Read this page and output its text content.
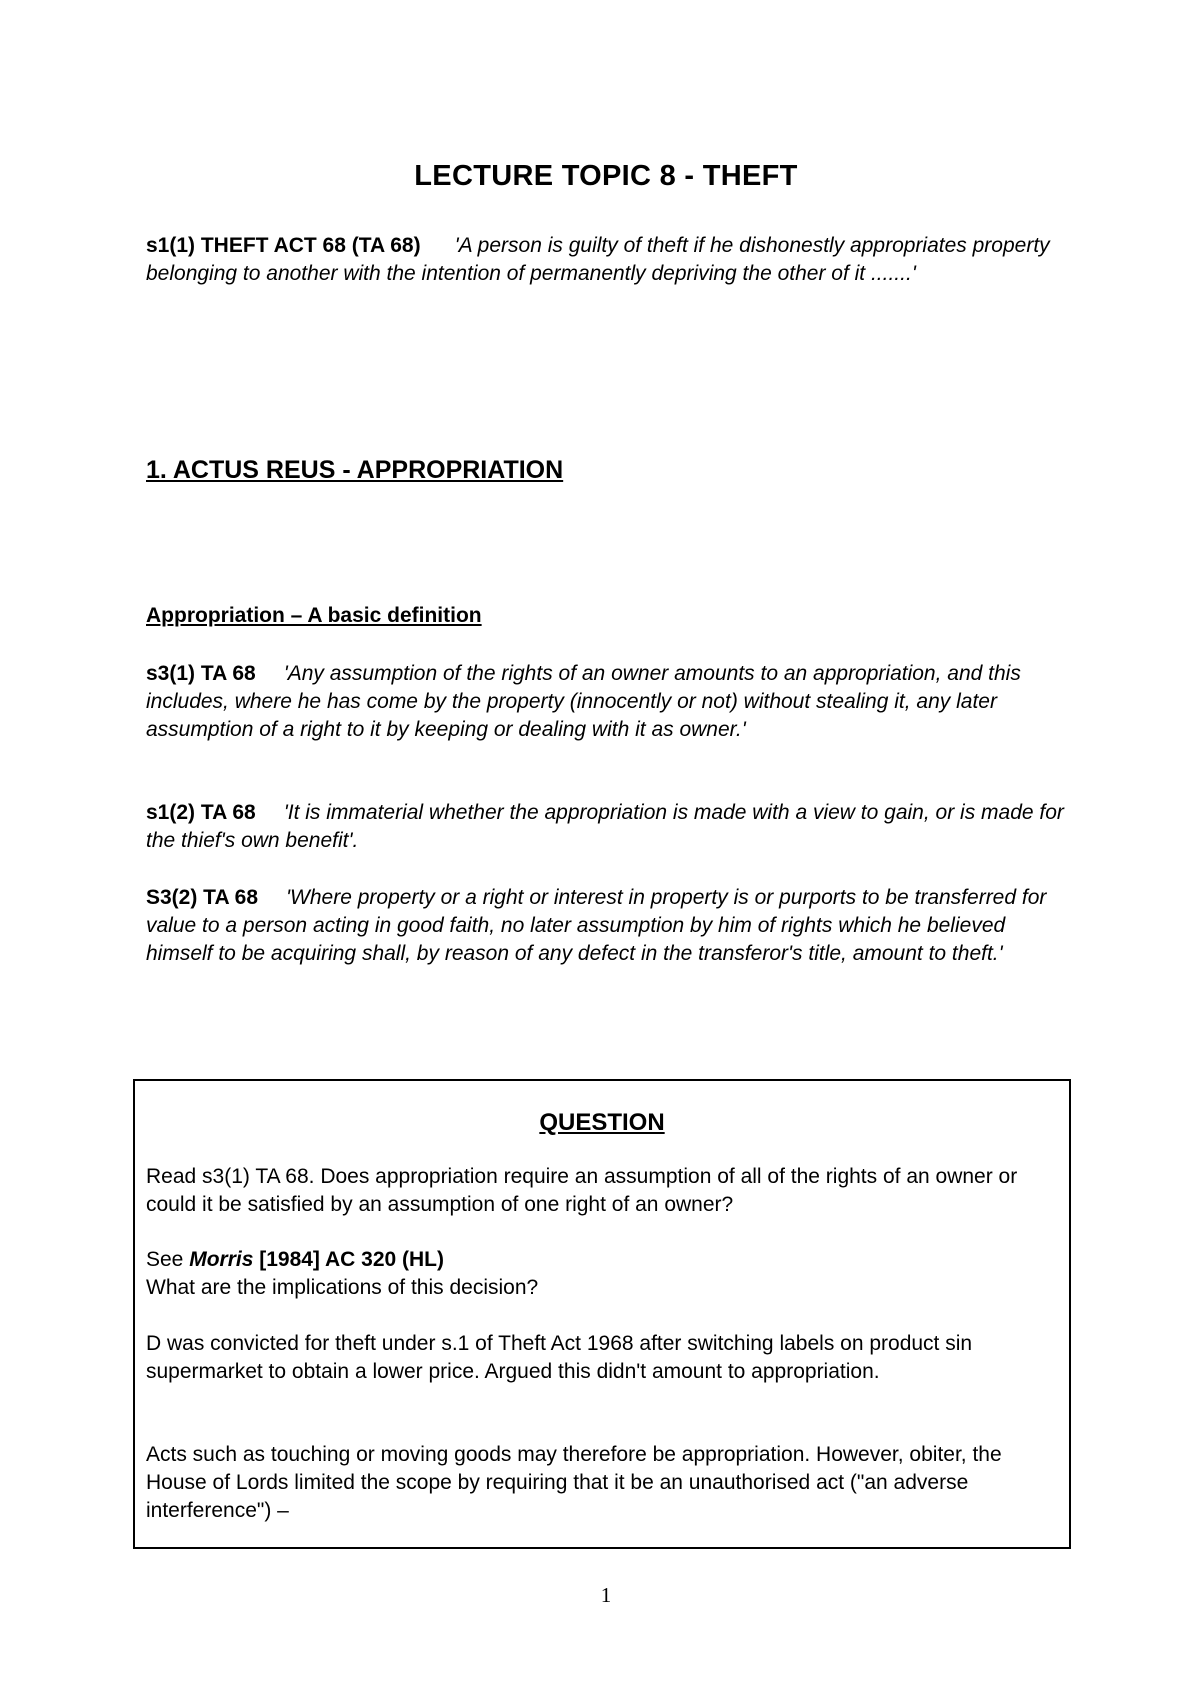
LECTURE TOPIC 8 - THEFT

s1(1) THEFT ACT 68 (TA 68) 'A person is guilty of theft if he dishonestly appropriates property belonging to another with the intention of permanently depriving the other of it .......'

1. ACTUS REUS - APPROPRIATION
Appropriation – A basic definition

s3(1) TA 68 'Any assumption of the rights of an owner amounts to an appropriation, and this includes, where he has come by the property (innocently or not) without stealing it, any later assumption of a right to it by keeping or dealing with it as owner.'

s1(2) TA 68 'It is immaterial whether the appropriation is made with a view to gain, or is made for the thief's own benefit'.

S3(2) TA 68 'Where property or a right or interest in property is or purports to be transferred for value to a person acting in good faith, no later assumption by him of rights which he believed himself to be acquiring shall, by reason of any defect in the transferor's title, amount to theft.'

QUESTION

Read s3(1) TA 68. Does appropriation require an assumption of all of the rights of an owner or could it be satisfied by an assumption of one right of an owner?

See Morris [1984] AC 320 (HL)
What are the implications of this decision?

D was convicted for theft under s.1 of Theft Act 1968 after switching labels on product sin supermarket to obtain a lower price. Argued this didn't amount to appropriation.

Acts such as touching or moving goods may therefore be appropriation. However, obiter, the House of Lords limited the scope by requiring that it be an unauthorised act ("an adverse interference") –

1
